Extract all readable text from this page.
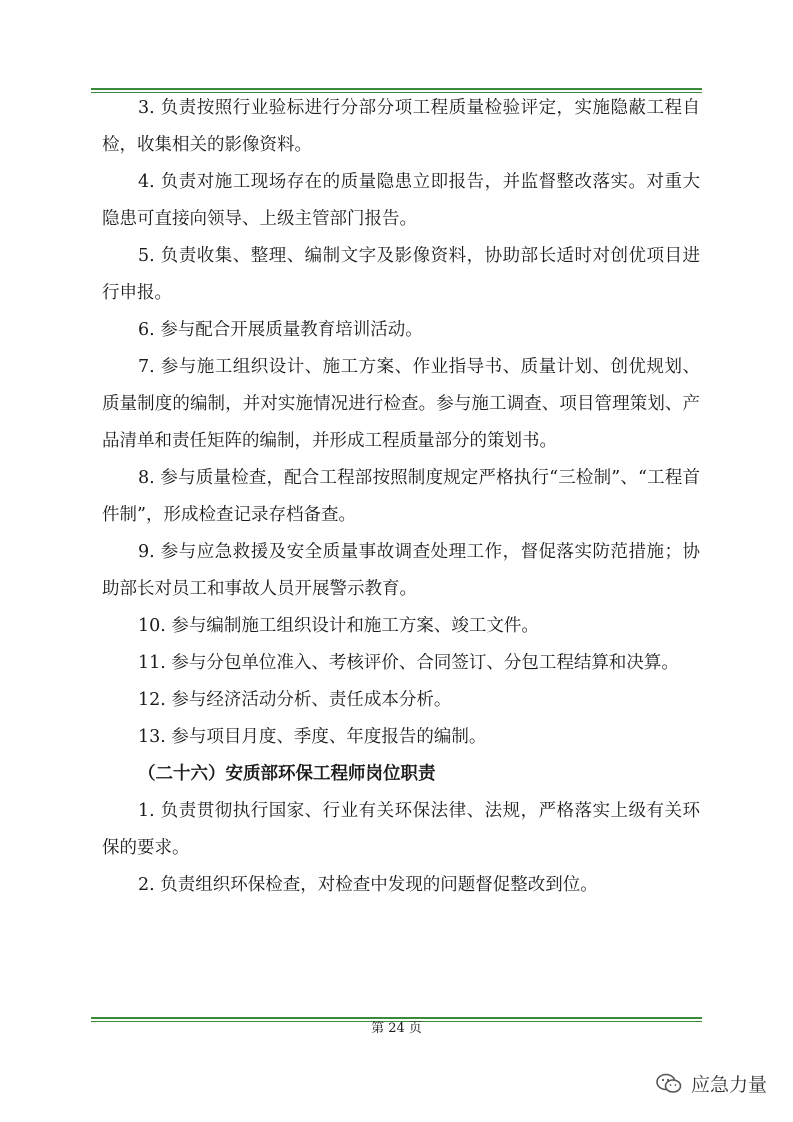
3. 负责按照行业验标进行分部分项工程质量检验评定，实施隐蔽工程自检，收集相关的影像资料。

4. 负责对施工现场存在的质量隐患立即报告，并监督整改落实。对重大隐患可直接向领导、上级主管部门报告。

5. 负责收集、整理、编制文字及影像资料，协助部长适时对创优项目进行申报。

6. 参与配合开展质量教育培训活动。

7. 参与施工组织设计、施工方案、作业指导书、质量计划、创优规划、质量制度的编制，并对实施情况进行检查。参与施工调查、项目管理策划、产品清单和责任矩阵的编制，并形成工程质量部分的策划书。

8. 参与质量检查，配合工程部按照制度规定严格执行“三检制”、“工程首件制”，形成检查记录存档备查。

9. 参与应急救援及安全质量事故调查处理工作，督促落实防范措施；协助部长对员工和事故人员开展警示教育。

10. 参与编制施工组织设计和施工方案、竣工文件。

11. 参与分包单位准入、考核评价、合同签订、分包工程结算和决算。

12. 参与经济活动分析、责任成本分析。

13. 参与项目月度、季度、年度报告的编制。

（二十六）安质部环保工程师岗位职责

1. 负责贯彻执行国家、行业有关环保法律、法规，严格落实上级有关环保的要求。

2. 负责组织环保检查，对检查中发现的问题督促整改到位。

第 24 页
应急力量
